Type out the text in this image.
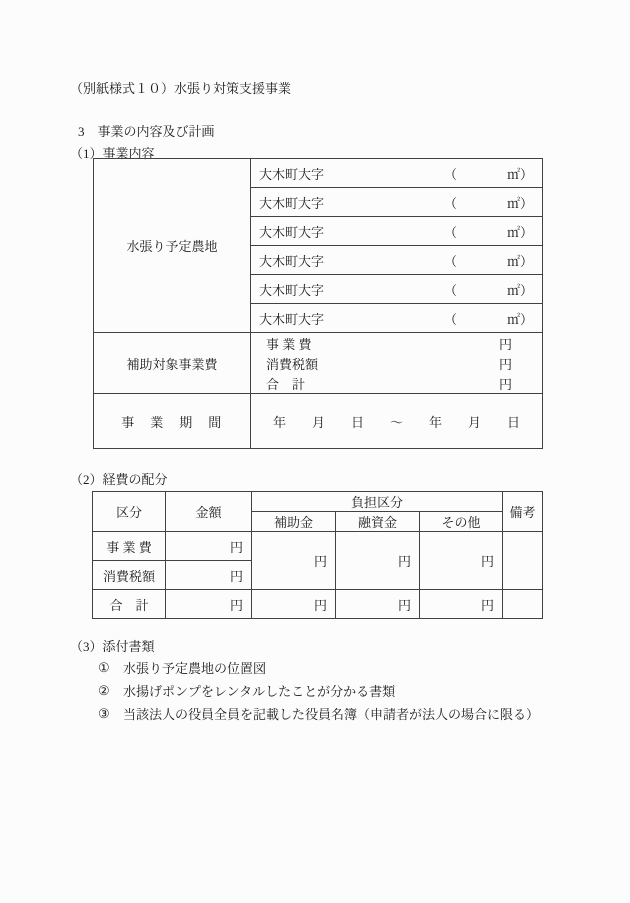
（別紙様式１０）水張り対策支援事業
3　事業の内容及び計画
（1）事業内容
水張り予定農地	大木町大字 （ ㎡）

	大木町大字 （ ㎡）

	大木町大字 （ ㎡）

	大木町大字 （ ㎡）

	大木町大字 （ ㎡）

	大木町大字 （ ㎡）

補助対象事業費	
事 業 費	円
消費税額	円
合　計	円

事　業　期　間	年　　月　　日　　～　　年　　月　　日
（2）経費の配分
区分	金額	負担区分			備考
		補助金	融資金	その他	
事 業 費	円	円	円	円	
消費税額	円				
合　計	円	円	円	円	
（3）添付書類
① 水張り予定農地の位置図
② 水揚げポンプをレンタルしたことが分かる書類
③ 当該法人の役員全員を記載した役員名簿（申請者が法人の場合に限る）
